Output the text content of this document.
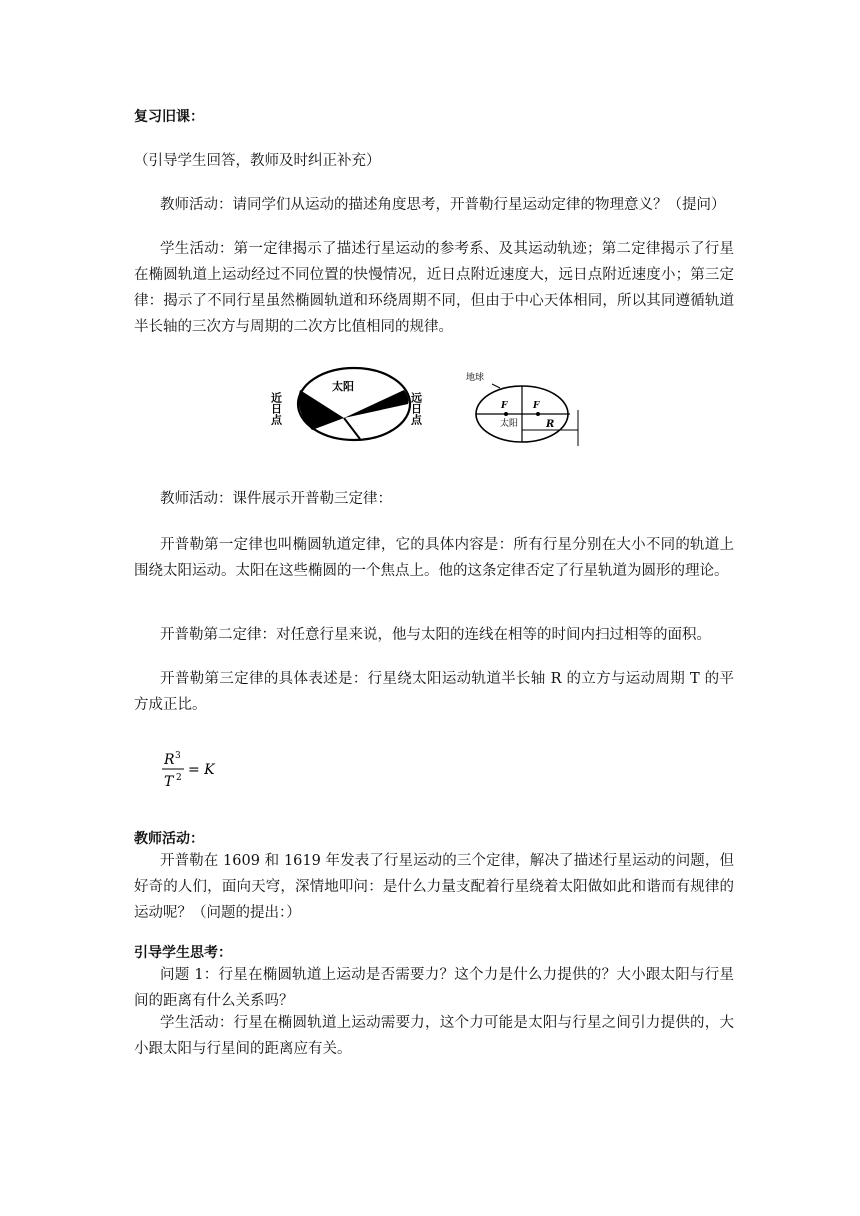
复习旧课：

（引导学生回答，教师及时纠正补充）

教师活动：请同学们从运动的描述角度思考，开普勒行星运动定律的物理意义？（提问）

学生活动：第一定律揭示了描述行星运动的参考系、及其运动轨迹；第二定律揭示了行星在椭圆轨道上运动经过不同位置的快慢情况，近日点附近速度大，远日点附近速度小；第三定律：揭示了不同行星虽然椭圆轨道和环绕周期不同，但由于中心天体相同，所以其同遵循轨道半长轴的三次方与周期的二次方比值相同的规律。

太阳
近日点	远日点
地球
F	F
太阳	R

教师活动：课件展示开普勒三定律：

开普勒第一定律也叫椭圆轨道定律，它的具体内容是：所有行星分别在大小不同的轨道上围绕太阳运动。太阳在这些椭圆的一个焦点上。他的这条定律否定了行星轨道为圆形的理论。

开普勒第二定律：对任意行星来说，他与太阳的连线在相等的时间内扫过相等的面积。

开普勒第三定律的具体表述是：行星绕太阳运动轨道半长轴 R 的立方与运动周期 T 的平方成正比。

R 3
T 2 = K

教师活动：

开普勒在 1609 和 1619 年发表了行星运动的三个定律，解决了描述行星运动的问题，但好奇的人们，面向天穹，深情地叩问：是什么力量支配着行星绕着太阳做如此和谐而有规律的运动呢？（问题的提出：）

引导学生思考：

问题 1：行星在椭圆轨道上运动是否需要力？这个力是什么力提供的？大小跟太阳与行星间的距离有什么关系吗？

学生活动：行星在椭圆轨道上运动需要力，这个力可能是太阳与行星之间引力提供的，大小跟太阳与行星间的距离应有关。
